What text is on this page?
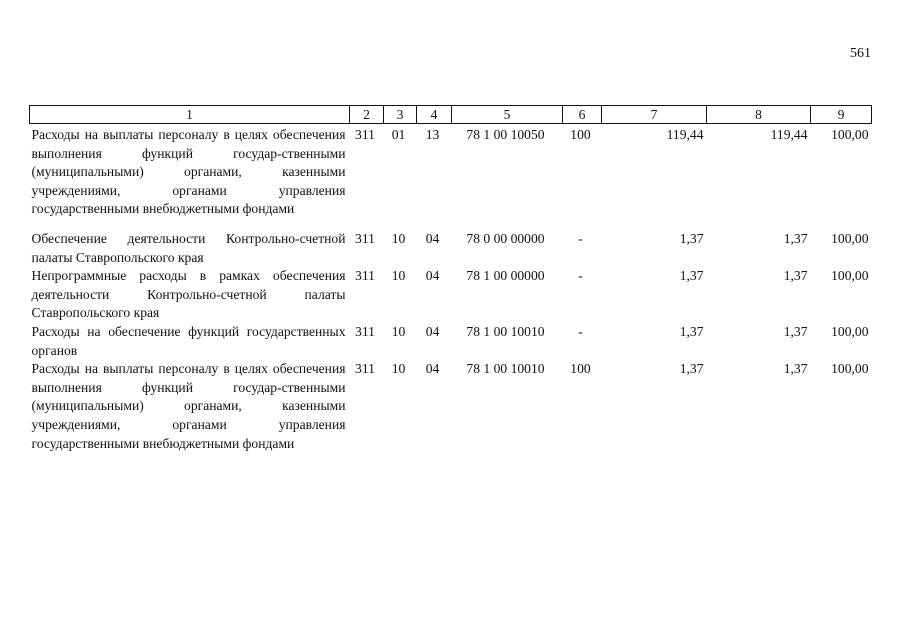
561
1	2	3	4	5	6	7	8	9
Расходы на выплаты персоналу в целях обеспечения выполнения функций государ-ственными (муниципальными) органами, казенными учреждениями, органами управления государственными внебюджетными фондами	311	01	13	78 1 00 10050	100	119,44	119,44	100,00
Обеспечение деятельности Контрольно-счетной палаты Ставропольского края	311	10	04	78 0 00 00000	-	1,37	1,37	100,00
Непрограммные расходы в рамках обеспечения деятельности Контрольно-счетной палаты Ставропольского края	311	10	04	78 1 00 00000	-	1,37	1,37	100,00
Расходы на обеспечение функций государственных органов	311	10	04	78 1 00 10010	-	1,37	1,37	100,00
Расходы на выплаты персоналу в целях обеспечения выполнения функций государ-ственными (муниципальными) органами, казенными учреждениями, органами управления государственными внебюджетными фондами	311	10	04	78 1 00 10010	100	1,37	1,37	100,00
